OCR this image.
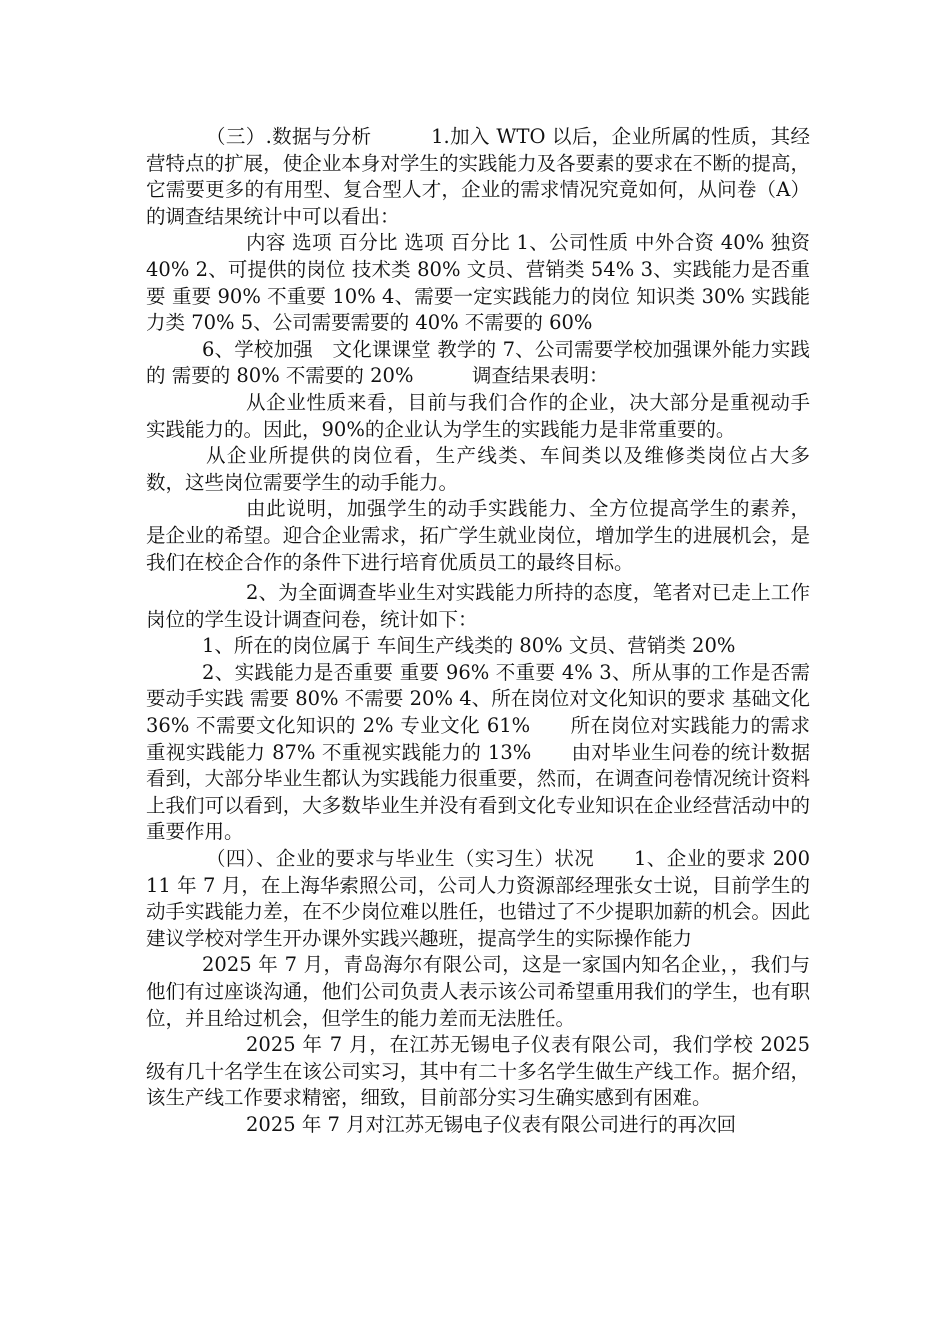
（三）.数据与分析　　　1.加入 WTO 以后，企业所属的性质，其经营特点的扩展，使企业本身对学生的实践能力及各要素的要求在不断的提高，它需要更多的有用型、复合型人才，企业的需求情况究竟如何，从问卷（A）的调查结果统计中可以看出：

内容 选项 百分比 选项 百分比 1、公司性质 中外合资 40% 独资 40% 2、可提供的岗位 技术类 80% 文员、营销类 54% 3、实践能力是否重要 重要 90% 不重要 10% 4、需要一定实践能力的岗位 知识类 30% 实践能力类 70% 5、公司需要需要的 40% 不需要的 60%

6、学校加强　文化课课堂 教学的 7、公司需要学校加强课外能力实践的 需要的 80% 不需要的 20%　　　调查结果表明：

从企业性质来看，目前与我们合作的企业，决大部分是重视动手实践能力的。因此，90%的企业认为学生的实践能力是非常重要的。

从企业所提供的岗位看，生产线类、车间类以及维修类岗位占大多数，这些岗位需要学生的动手能力。

由此说明，加强学生的动手实践能力、全方位提高学生的素养，是企业的希望。迎合企业需求，拓广学生就业岗位，增加学生的进展机会，是我们在校企合作的条件下进行培育优质员工的最终目标。

2、为全面调查毕业生对实践能力所持的态度，笔者对已走上工作岗位的学生设计调查问卷，统计如下：

1、所在的岗位属于 车间生产线类的 80% 文员、营销类 20%

2、实践能力是否重要 重要 96% 不重要 4% 3、所从事的工作是否需要动手实践 需要 80% 不需要 20% 4、所在岗位对文化知识的要求 基础文化 36% 不需要文化知识的 2% 专业文化 61%　　所在岗位对实践能力的需求 重视实践能力 87% 不重视实践能力的 13%　　由对毕业生问卷的统计数据看到，大部分毕业生都认为实践能力很重要，然而，在调查问卷情况统计资料上我们可以看到，大多数毕业生并没有看到文化专业知识在企业经营活动中的重要作用。

（四）、企业的要求与毕业生（实习生）状况　　1、企业的要求 20011 年 7 月，在上海华索照公司，公司人力资源部经理张女士说，目前学生的动手实践能力差，在不少岗位难以胜任，也错过了不少提职加薪的机会。因此建议学校对学生开办课外实践兴趣班，提高学生的实际操作能力

2025 年 7 月，青岛海尔有限公司，这是一家国内知名企业，，我们与他们有过座谈沟通，他们公司负责人表示该公司希望重用我们的学生，也有职位，并且给过机会，但学生的能力差而无法胜任。

2025 年 7 月，在江苏无锡电子仪表有限公司，我们学校 2025 级有几十名学生在该公司实习，其中有二十多名学生做生产线工作。据介绍，该生产线工作要求精密，细致，目前部分实习生确实感到有困难。

2025 年 7 月对江苏无锡电子仪表有限公司进行的再次回
